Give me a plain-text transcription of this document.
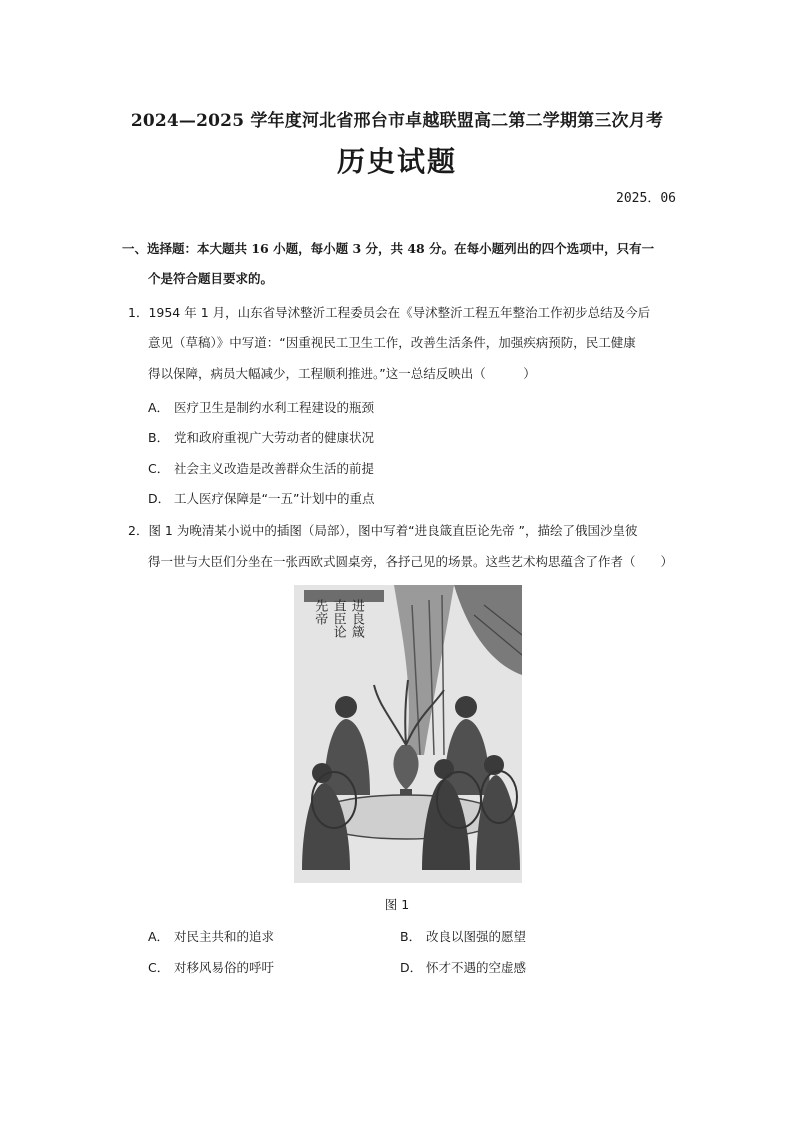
2024—2025 学年度河北省邢台市卓越联盟高二第二学期第三次月考
历史试题
2025．06
一、选择题：本大题共 16 小题，每小题 3 分，共 48 分。在每小题列出的四个选项中，只有一
个是符合题目要求的。
1．1954 年 1 月，山东省导沭整沂工程委员会在《导沭整沂工程五年整治工作初步总结及今后
意见（草稿）》中写道：“因重视民工卫生工作，改善生活条件，加强疾病预防，民工健康
得以保障，病员大幅减少，工程顺利推进。”这一总结反映出（　　　）
A． 医疗卫生是制约水利工程建设的瓶颈
B． 党和政府重视广大劳动者的健康状况
C． 社会主义改造是改善群众生活的前提
D． 工人医疗保障是“一五”计划中的重点
2．图 1 为晚清某小说中的插图（局部），图中写着“进良箴直臣论先帝 ”，描绘了俄国沙皇彼
得一世与大臣们分坐在一张西欧式圆桌旁，各抒己见的场景。这些艺术构思蕴含了作者（　　）
进良箴
直臣论
先帝
图 1
A． 对民主共和的追求	B． 改良以图强的愿望
C． 对移风易俗的呼吁	D． 怀才不遇的空虚感
